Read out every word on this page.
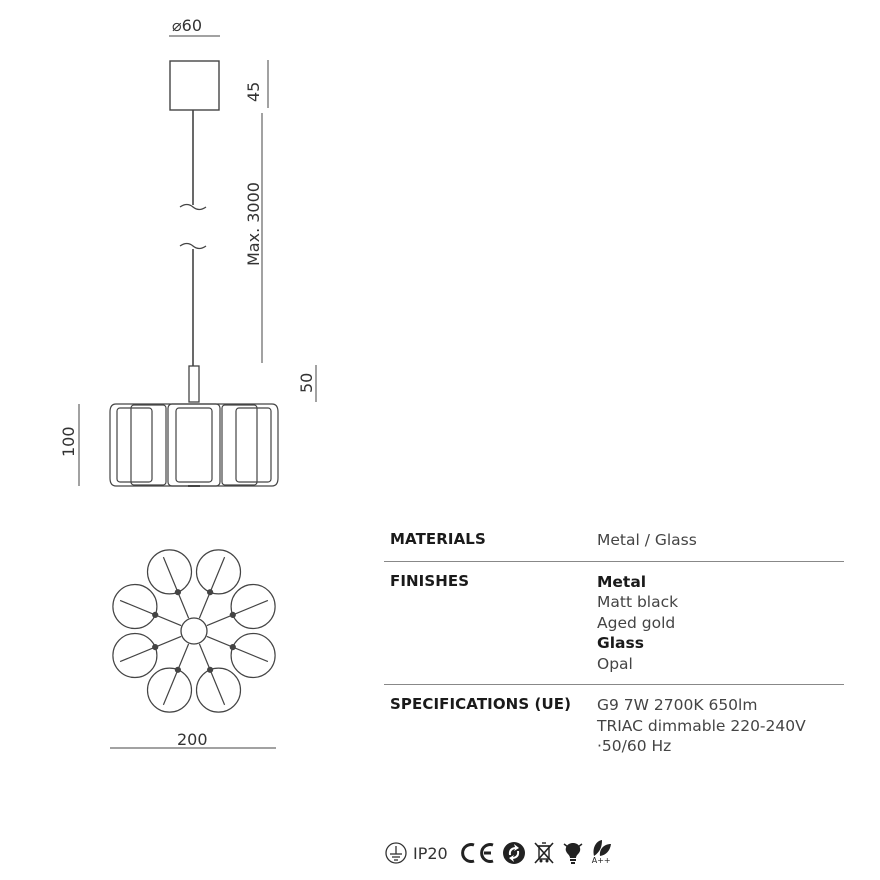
⌀60
45
Max. 3000
50
100
200
MATERIALS	Metal / Glass
FINISHES	Metal
Matt black
Aged gold
Glass
Opal
SPECIFICATIONS (UE)	G9 7W 2700K 650lm
TRIAC dimmable 220-240V
·50/60 Hz
IP20	A++
